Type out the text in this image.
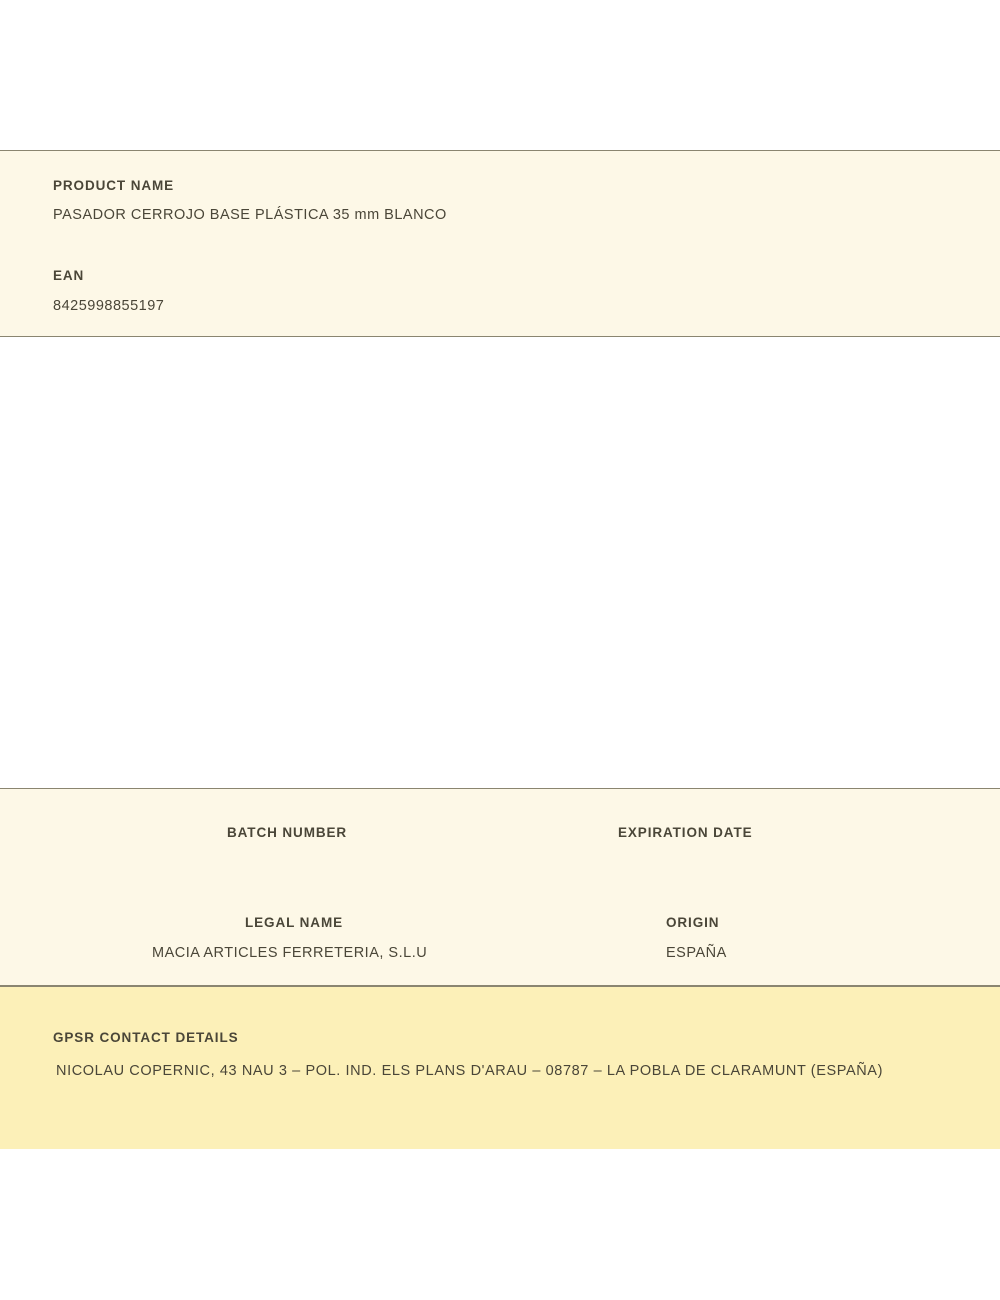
PRODUCT NAME
PASADOR CERROJO BASE PLÁSTICA 35 mm BLANCO
EAN
8425998855197
BATCH NUMBER	EXPIRATION DATE
LEGAL NAME
MACIA ARTICLES FERRETERIA, S.L.U
ORIGIN
ESPAÑA
GPSR CONTACT DETAILS
NICOLAU COPERNIC, 43 NAU 3 – POL. IND. ELS PLANS D'ARAU – 08787 – LA POBLA DE CLARAMUNT (ESPAÑA)
